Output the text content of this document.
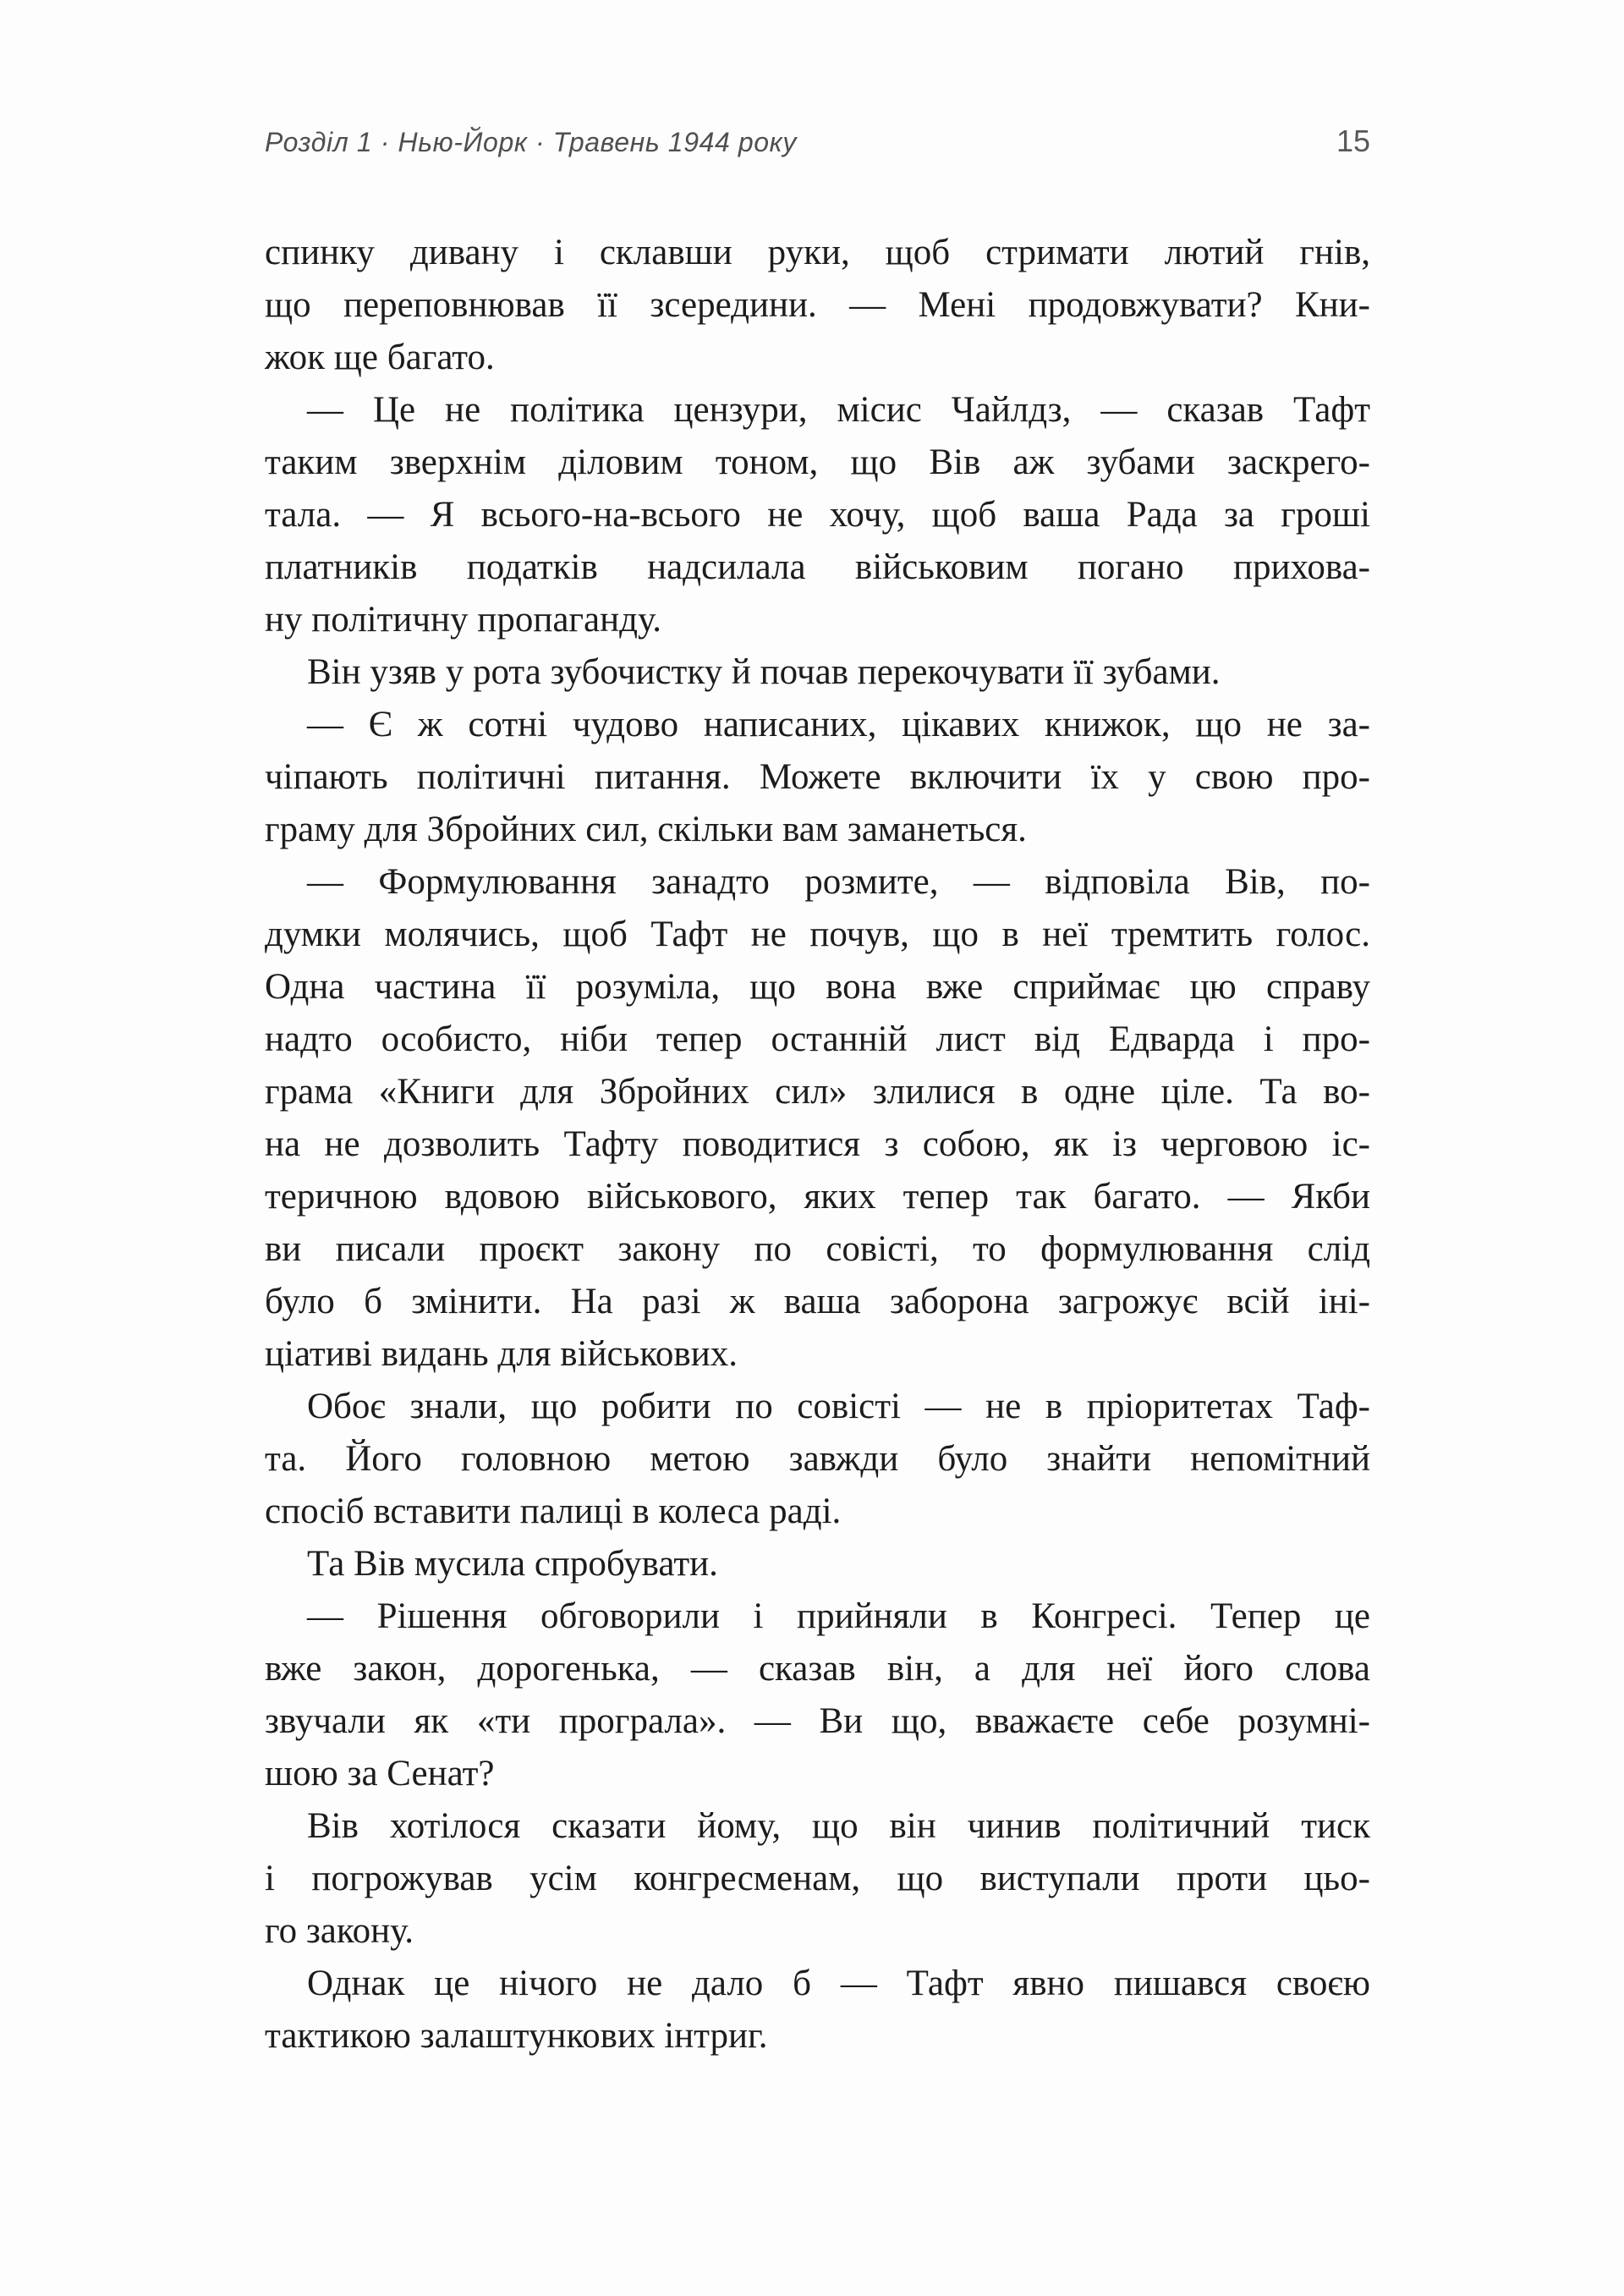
Розділ 1 · Нью-Йорк · Травень 1944 року	15

спинку дивану і склавши руки, щоб стримати лютий гнів,

що переповнював її зсередини. — Мені продовжувати? Кни-

жок ще багато.

— Це не політика цензури, місис Чайлдз, — сказав Тафт

таким зверхнім діловим тоном, що Вів аж зубами заскрего-

тала. — Я всього-на-всього не хочу, щоб ваша Рада за гроші

платників податків надсилала військовим погано прихова-

ну політичну пропаганду.

Він узяв у рота зубочистку й почав перекочувати її зубами.

— Є ж сотні чудово написаних, цікавих книжок, що не за-

чіпають політичні питання. Можете включити їх у свою про-

граму для Збройних сил, скільки вам заманеться.

— Формулювання занадто розмите, — відповіла Вів, по-

думки молячись, щоб Тафт не почув, що в неї тремтить голос.

Одна частина її розуміла, що вона вже сприймає цю справу

надто особисто, ніби тепер останній лист від Едварда і про-

грама «Книги для Збройних сил» злилися в одне ціле. Та во-

на не дозволить Тафту поводитися з собою, як із черговою іс-

теричною вдовою військового, яких тепер так багато. — Якби

ви писали проєкт закону по совісті, то формулювання слід

було б змінити. На разі ж ваша заборона загрожує всій іні-

ціативі видань для військових.

Обоє знали, що робити по совісті — не в пріоритетах Таф-

та. Його головною метою завжди було знайти непомітний

спосіб вставити палиці в колеса раді.

Та Вів мусила спробувати.

— Рішення обговорили і прийняли в Конгресі. Тепер це

вже закон, дорогенька, — сказав він, а для неї його слова

звучали як «ти програла». — Ви що, вважаєте себе розумні-

шою за Сенат?

Вів хотілося сказати йому, що він чинив політичний тиск

і погрожував усім конгресменам, що виступали проти цьо-

го закону.

Однак це нічого не дало б — Тафт явно пишався своєю

тактикою залаштункових інтриг.
